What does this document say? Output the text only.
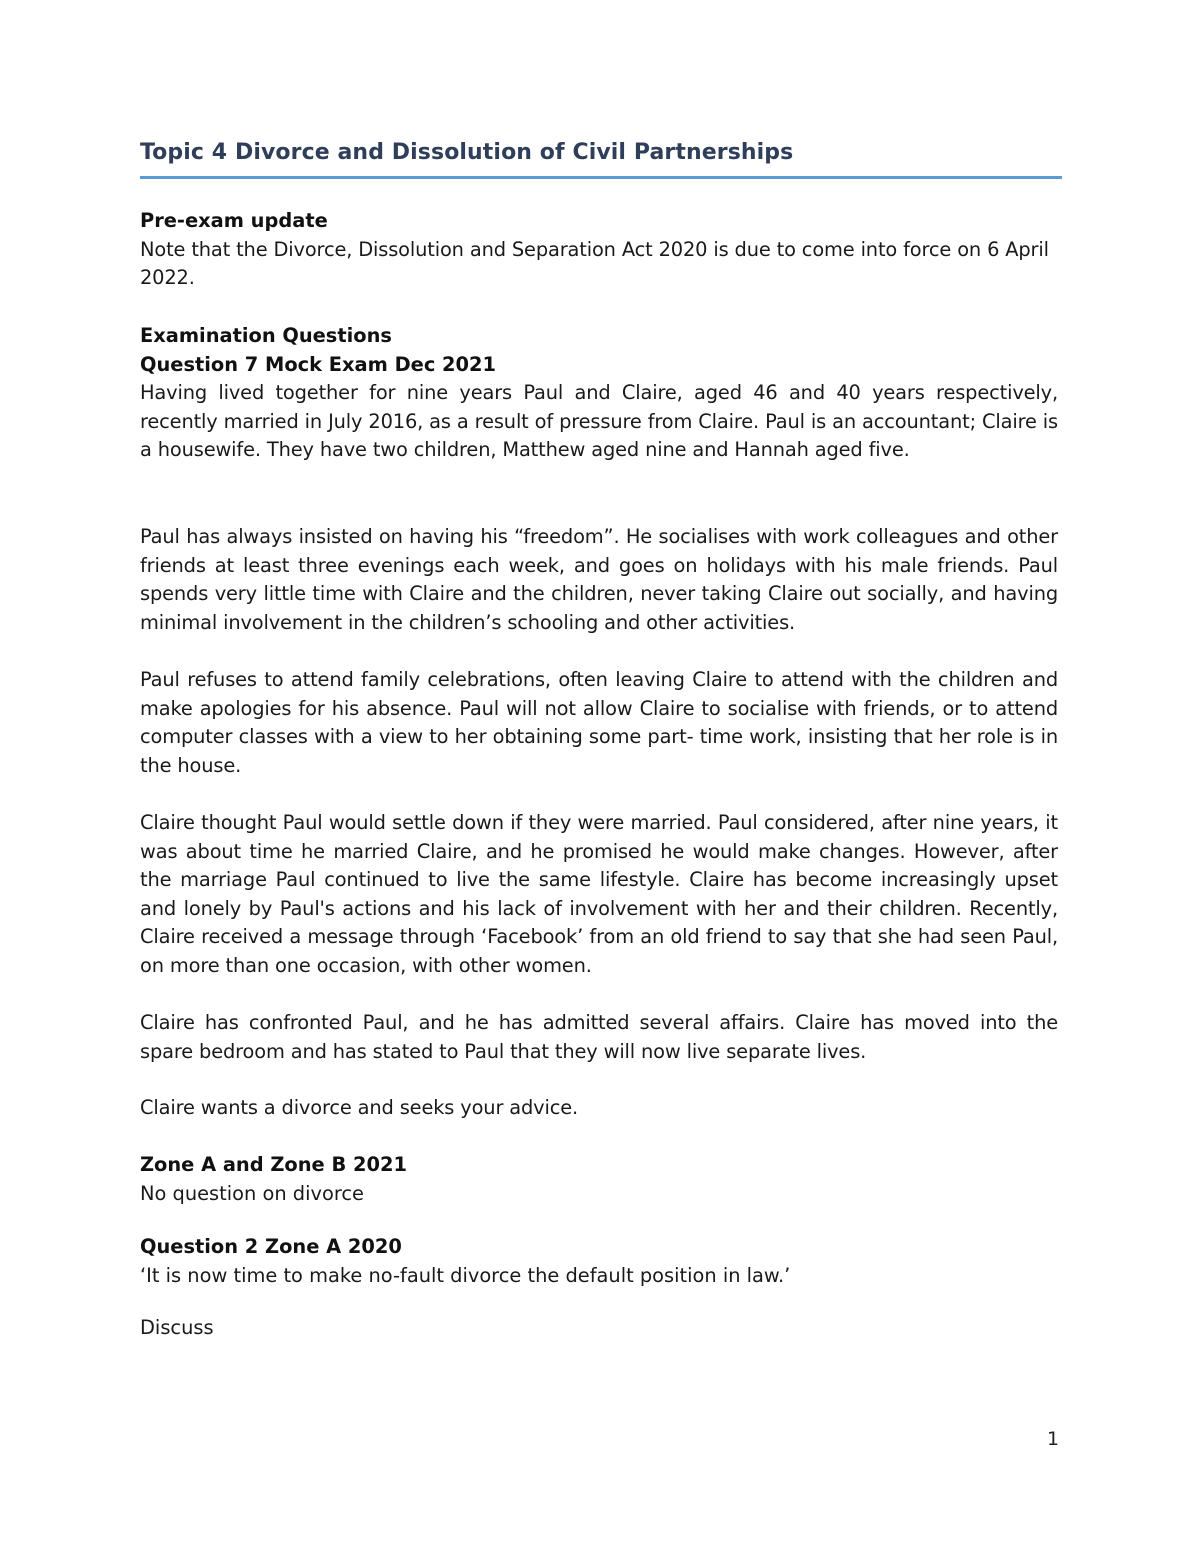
Topic 4 Divorce and Dissolution of Civil Partnerships
Pre-exam update
Note that the Divorce, Dissolution and Separation Act 2020 is due to come into force on 6 April 2022.
Examination Questions
Question 7 Mock Exam Dec 2021
Having lived together for nine years Paul and Claire, aged 46 and 40 years respectively, recently married in July 2016, as a result of pressure from Claire. Paul is an accountant; Claire is a housewife. They have two children, Matthew aged nine and Hannah aged five.
Paul has always insisted on having his “freedom”. He socialises with work colleagues and other friends at least three evenings each week, and goes on holidays with his male friends. Paul spends very little time with Claire and the children, never taking Claire out socially, and having minimal involvement in the children’s schooling and other activities.
Paul refuses to attend family celebrations, often leaving Claire to attend with the children and make apologies for his absence. Paul will not allow Claire to socialise with friends, or to attend computer classes with a view to her obtaining some part- time work, insisting that her role is in the house.
Claire thought Paul would settle down if they were married. Paul considered, after nine years, it was about time he married Claire, and he promised he would make changes. However, after the marriage Paul continued to live the same lifestyle. Claire has become increasingly upset and lonely by Paul's actions and his lack of involvement with her and their children. Recently, Claire received a message through ‘Facebook’ from an old friend to say that she had seen Paul, on more than one occasion, with other women.
Claire has confronted Paul, and he has admitted several affairs. Claire has moved into the spare bedroom and has stated to Paul that they will now live separate lives.
Claire wants a divorce and seeks your advice.
Zone A and Zone B 2021
No question on divorce
Question 2 Zone A 2020
‘It is now time to make no-fault divorce the default position in law.’
Discuss
1
